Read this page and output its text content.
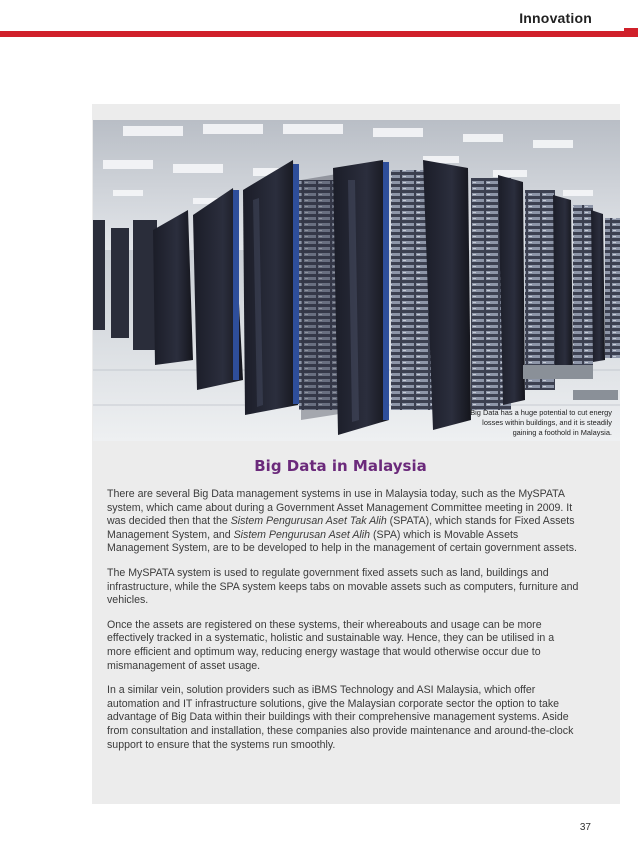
Innovation
Big Data has a huge potential to cut energy losses within buildings, and it is steadily gaining a foothold in Malaysia.
Big Data in Malaysia

There are several Big Data management systems in use in Malaysia today, such as the MySPATA system, which came about during a Government Asset Management Committee meeting in 2009. It was decided then that the Sistem Pengurusan Aset Tak Alih (SPATA), which stands for Fixed Assets Management System, and Sistem Pengurusan Aset Alih (SPA) which is Movable Assets Management System, are to be developed to help in the management of certain government assets.

The MySPATA system is used to regulate government fixed assets such as land, buildings and infrastructure, while the SPA system keeps tabs on movable assets such as computers, furniture and vehicles.

Once the assets are registered on these systems, their whereabouts and usage can be more effectively tracked in a systematic, holistic and sustainable way. Hence, they can be utilised in a more efficient and optimum way, reducing energy wastage that would otherwise occur due to mismanagement of asset usage.

In a similar vein, solution providers such as iBMS Technology and ASI Malaysia, which offer automation and IT infrastructure solutions, give the Malaysian corporate sector the option to take advantage of Big Data within their buildings with their comprehensive management systems. Aside from consultation and installation, these companies also provide maintenance and around-the-clock support to ensure that the systems run smoothly.

37
